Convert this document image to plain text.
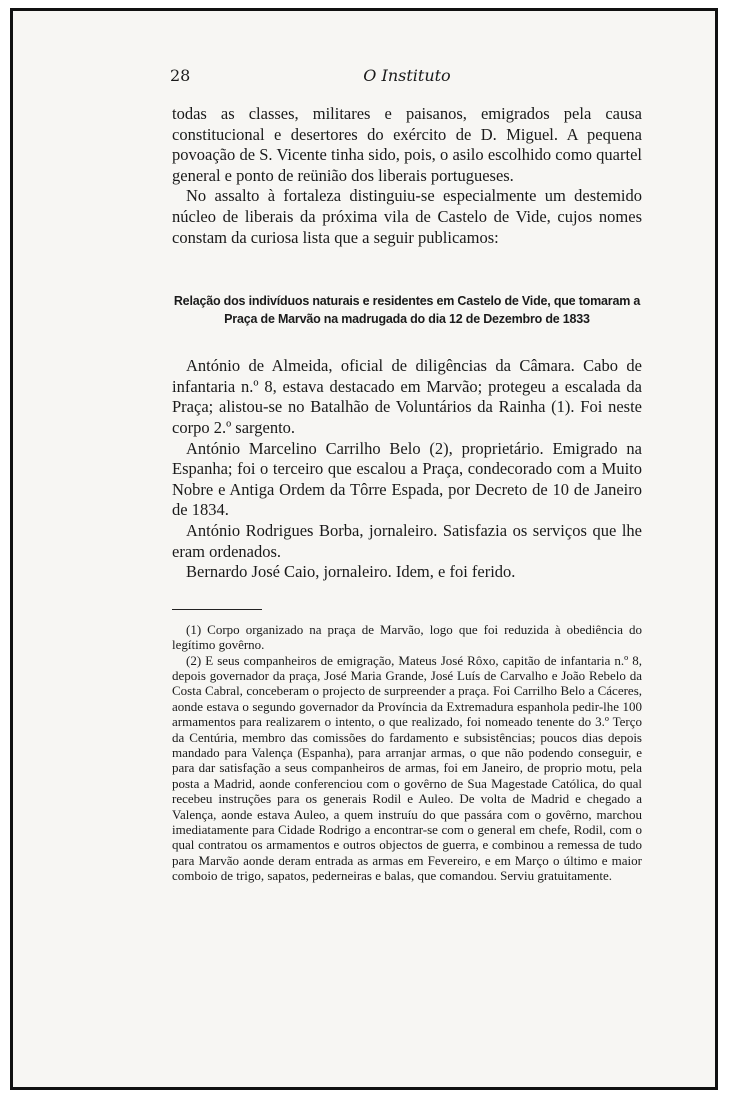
28	O Instituto

todas as classes, militares e paisanos, emigrados pela causa constitucional e desertores do exército de D. Miguel. A pequena povoação de S. Vicente tinha sido, pois, o asilo escolhido como quartel general e ponto de reünião dos liberais portugueses.

No assalto à fortaleza distinguiu-se especialmente um destemido núcleo de liberais da próxima vila de Castelo de Vide, cujos nomes constam da curiosa lista que a seguir publicamos:

Relação dos indivíduos naturais e residentes em Castelo de Vide, que tomaram a Praça de Marvão na madrugada do dia 12 de Dezembro de 1833

António de Almeida, oficial de diligências da Câmara. Cabo de infantaria n.º 8, estava destacado em Marvão; protegeu a escalada da Praça; alistou-se no Batalhão de Voluntários da Rainha (1). Foi neste corpo 2.º sargento.

António Marcelino Carrilho Belo (2), proprietário. Emigrado na Espanha; foi o terceiro que escalou a Praça, condecorado com a Muito Nobre e Antiga Ordem da Tôrre Espada, por Decreto de 10 de Janeiro de 1834.

António Rodrigues Borba, jornaleiro. Satisfazia os serviços que lhe eram ordenados.

Bernardo José Caio, jornaleiro. Idem, e foi ferido.

(1) Corpo organizado na praça de Marvão, logo que foi reduzida à obediência do legítimo govêrno.

(2) E seus companheiros de emigração, Mateus José Rôxo, capitão de infantaria n.º 8, depois governador da praça, José Maria Grande, José Luís de Carvalho e João Rebelo da Costa Cabral, conceberam o projecto de surpreender a praça. Foi Carrilho Belo a Cáceres, aonde estava o segundo governador da Província da Extremadura espanhola pedir-lhe 100 armamentos para realizarem o intento, o que realizado, foi nomeado tenente do 3.º Terço da Centúria, membro das comissões do fardamento e subsistências; poucos dias depois mandado para Valença (Espanha), para arranjar armas, o que não podendo conseguir, e para dar satisfação a seus companheiros de armas, foi em Janeiro, de proprio motu, pela posta a Madrid, aonde conferenciou com o govêrno de Sua Magestade Católica, do qual recebeu instruções para os generais Rodil e Auleo. De volta de Madrid e chegado a Valença, aonde estava Auleo, a quem instruíu do que passára com o govêrno, marchou imediatamente para Cidade Rodrigo a encontrar-se com o general em chefe, Rodil, com o qual contratou os armamentos e outros objectos de guerra, e combinou a remessa de tudo para Marvão aonde deram entrada as armas em Fevereiro, e em Março o último e maior comboio de trigo, sapatos, pederneiras e balas, que comandou. Serviu gratuitamente.
